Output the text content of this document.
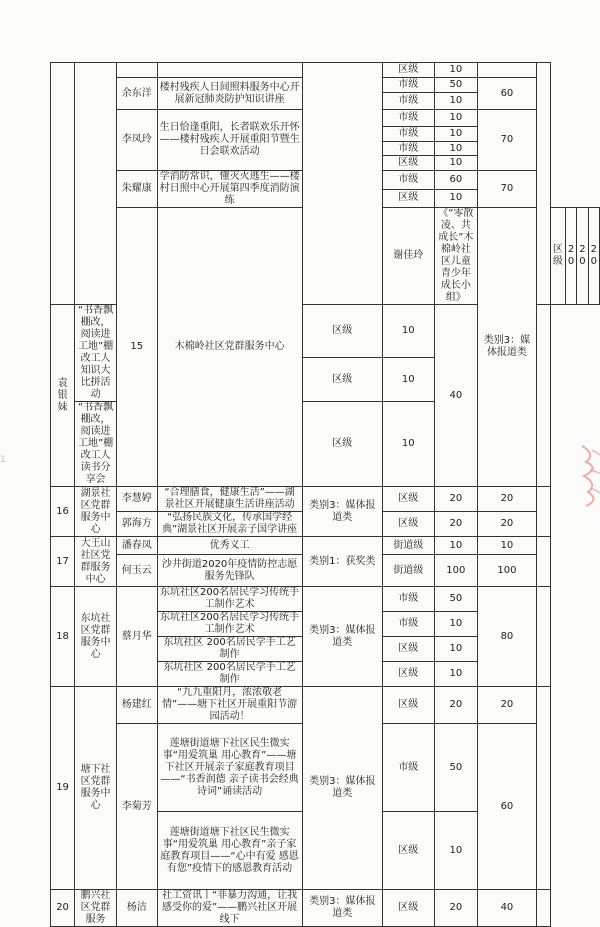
					区级	10						
		余东洋	楼村残疾人日间照料服务中心开展新冠肺炎防护知识讲座		市级	50	60					
					市级	10						
		李凤玲	生日恰逢重阳，长者联欢乐开怀——楼村残疾人开展重阳节暨生日会联欢活动		市级	10	70					
					市级	10						
					市级	10						
					区级	10						
		朱耀康	学消防常识，懂灭火逃生——楼村日照中心开展第四季度消防演练		市级	60	70					
					区级	10						
		15	木棉岭社区党群服务中心		谢佳玲	《“零散凌、共成长”木棉岭社区儿童青少年成长小组》	类别3：媒体报道类		区级	20	20	20
袁银妹	“书香飘棚改，阅读进工地”棚改工人知识大比拼活动			区级	10	40						
				区级	10							
	“书香飘棚改，阅读进工地”棚改工人读书分享会			区级	10							
16	湖景社区党群服务中心	李慧婷	“合理膳食，健康生活”——湖景社区开展健康生活讲座活动	类别3：媒体报道类	区级	20	20					
		郭海方	“弘扬民族文化，传承国学经典”湖景社区开展亲子国学讲座		区级	20	20					
17	大王山社区党群服务中心	潘春凤	优秀义工	类别1：获奖类	街道级	10	10					
		何玉云	沙井街道2020年疫情防控志愿服务先锋队		街道级	100	100					
18	东坑社区党群服务中心	蔡月华	东坑社区200名居民学习传统手工制作艺术	类别3：媒体报道类	市级	50	80					
			东坑社区200名居民学习传统手工制作艺术		市级	10						
			东坑社区 200名居民学手工艺制作		区级	10						
			东坑社区 200名居民学手工艺制作		区级	10						
19	塘下社区党群服务中心	杨建红	“九九重阳月，浓浓敬老情”——塘下社区开展重阳节游园活动！	类别3：媒体报道类	区级	20	20					
		李菊芳	莲塘街道塘下社区民生微实事“用爱筑巢 用心教育”——塘下社区开展亲子家庭教育项目——“书香润德 亲子读书会经典诗词”诵读活动		市级	50	60					
			莲塘街道塘下社区民生微实事“用爱筑巢 用心教育”亲子家庭教育项目——“心中有爱 感恩有您”疫情下的感恩教育活动		区级	10						
20	鹏兴社区党群服务	杨洁	社工资讯丨“非暴力沟通，让我感受你的爱”——鹏兴社区开展线下	类别3：媒体报道类	区级	20	40					
1
